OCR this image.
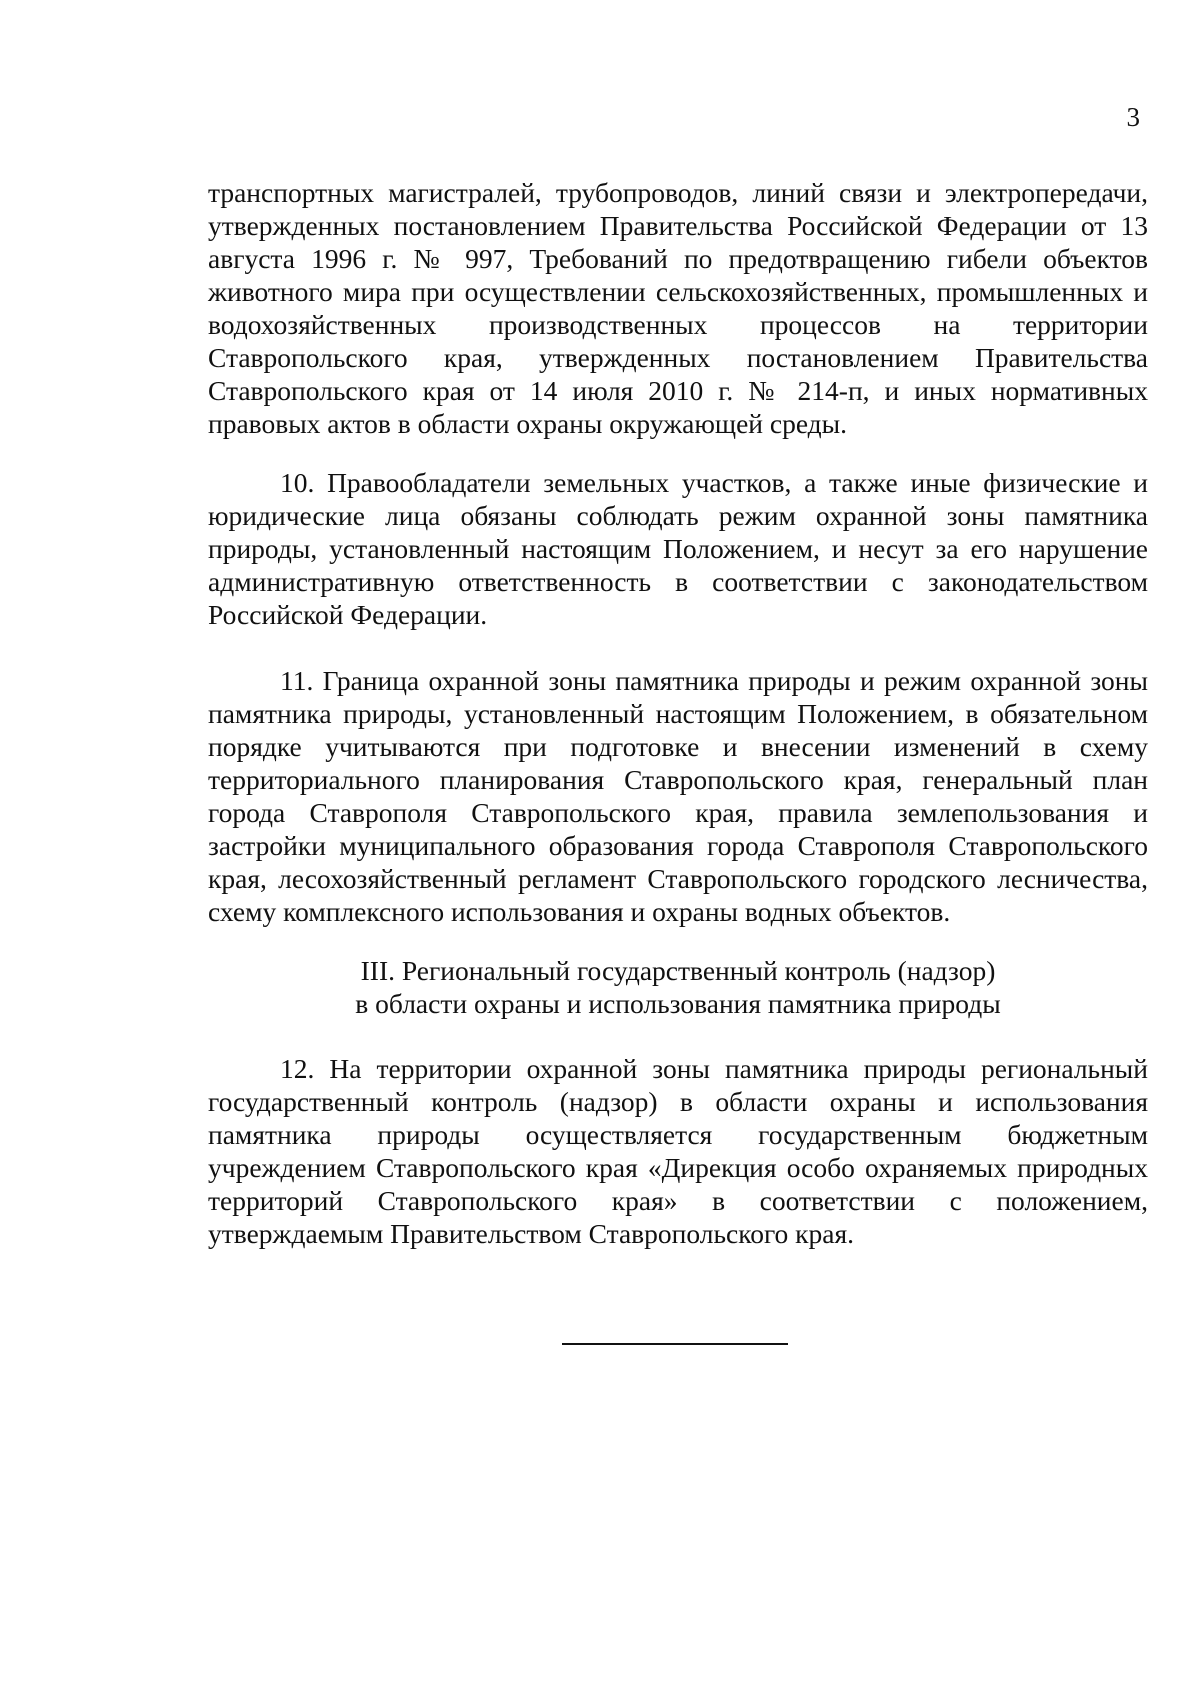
3
транспортных магистралей, трубопроводов, линий связи и электропередачи, утвержденных постановлением Правительства Российской Федерации от 13 августа 1996 г. № 997, Требований по предотвращению гибели объектов животного мира при осуществлении сельскохозяйственных, промышленных и водохозяйственных производственных процессов на территории Ставропольского края, утвержденных постановлением Правительства Ставропольского края от 14 июля 2010 г. № 214-п, и иных нормативных правовых актов в области охраны окружающей среды.
10. Правообладатели земельных участков, а также иные физические и юридические лица обязаны соблюдать режим охранной зоны памятника природы, установленный настоящим Положением, и несут за его нарушение административную ответственность в соответствии с законодательством Российской Федерации.
11. Граница охранной зоны памятника природы и режим охранной зоны памятника природы, установленный настоящим Положением, в обязательном порядке учитываются при подготовке и внесении изменений в схему территориального планирования Ставропольского края, генеральный план города Ставрополя Ставропольского края, правила землепользования и застройки муниципального образования города Ставрополя Ставропольского края, лесохозяйственный регламент Ставропольского городского лесничества, схему комплексного использования и охраны водных объектов.
III. Региональный государственный контроль (надзор)
в области охраны и использования памятника природы
12. На территории охранной зоны памятника природы региональный государственный контроль (надзор) в области охраны и использования памятника природы осуществляется государственным бюджетным учреждением Ставропольского края «Дирекция особо охраняемых природных территорий Ставропольского края» в соответствии с положением, утверждаемым Правительством Ставропольского края.
